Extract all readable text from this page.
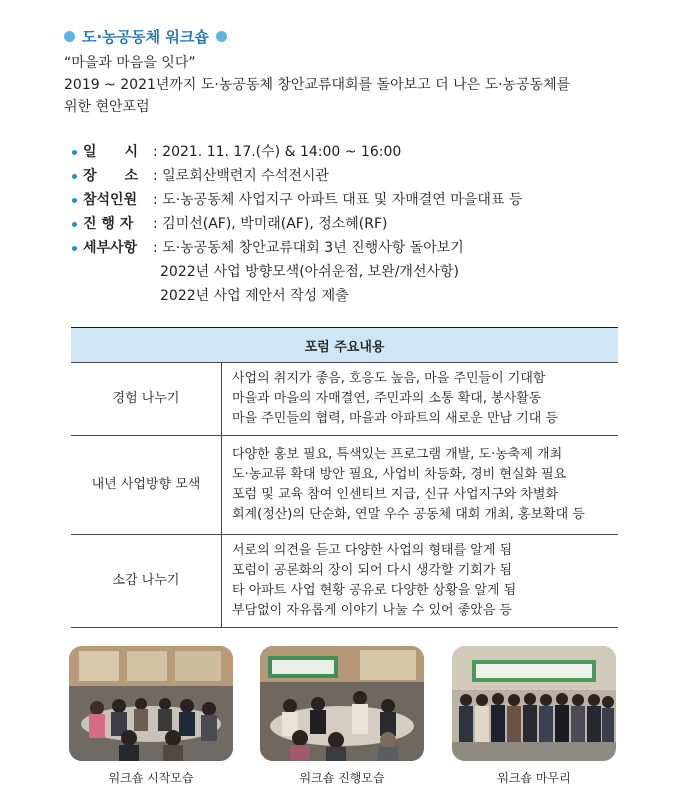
도·농공동체 워크숍
“마을과 마음을 잇다”
2019 ~ 2021년까지 도·농공동체 창안교류대회를 돌아보고 더 나은 도·농공동체를
위한 현안포럼
일　　시	: 2021. 11. 17.(수) & 14:00 ~ 16:00
장　　소	: 일로회산백련지 수석전시관
참석인원	: 도·농공동체 사업지구 아파트 대표 및 자매결연 마을대표 등
진 행 자	: 김미선(AF), 박미래(AF), 정소혜(RF)
세부사항	: 도·농공동체 창안교류대회 3년 진행사항 돌아보기
2022년 사업 방향모색(아쉬운점, 보완/개선사항)
2022년 사업 제안서 작성 제출
포럼 주요내용	
경험 나누기	사업의 취지가 좋음, 호응도 높음, 마을 주민들이 기대함
마을과 마을의 자매결연, 주민과의 소통 확대, 봉사활동
마을 주민들의 협력, 마을과 아파트의 새로운 만남 기대 등

내년 사업방향 모색	다양한 홍보 필요, 특색있는 프로그램 개발, 도·농축제 개최
도·농교류 확대 방안 필요, 사업비 차등화, 경비 현실화 필요
포럼 및 교육 참여 인센티브 지급, 신규 사업지구와 차별화
회계(정산)의 단순화, 연말 우수 공동체 대회 개최, 홍보확대 등

소감 나누기	서로의 의견을 듣고 다양한 사업의 형태를 알게 됨
포럼이 공론화의 장이 되어 다시 생각할 기회가 됨
타 아파트 사업 현황 공유로 다양한 상황을 알게 됨
부담없이 자유롭게 이야기 나눌 수 있어 좋았음 등
워크숍 시작모습	워크숍 진행모습	워크숍 마무리
